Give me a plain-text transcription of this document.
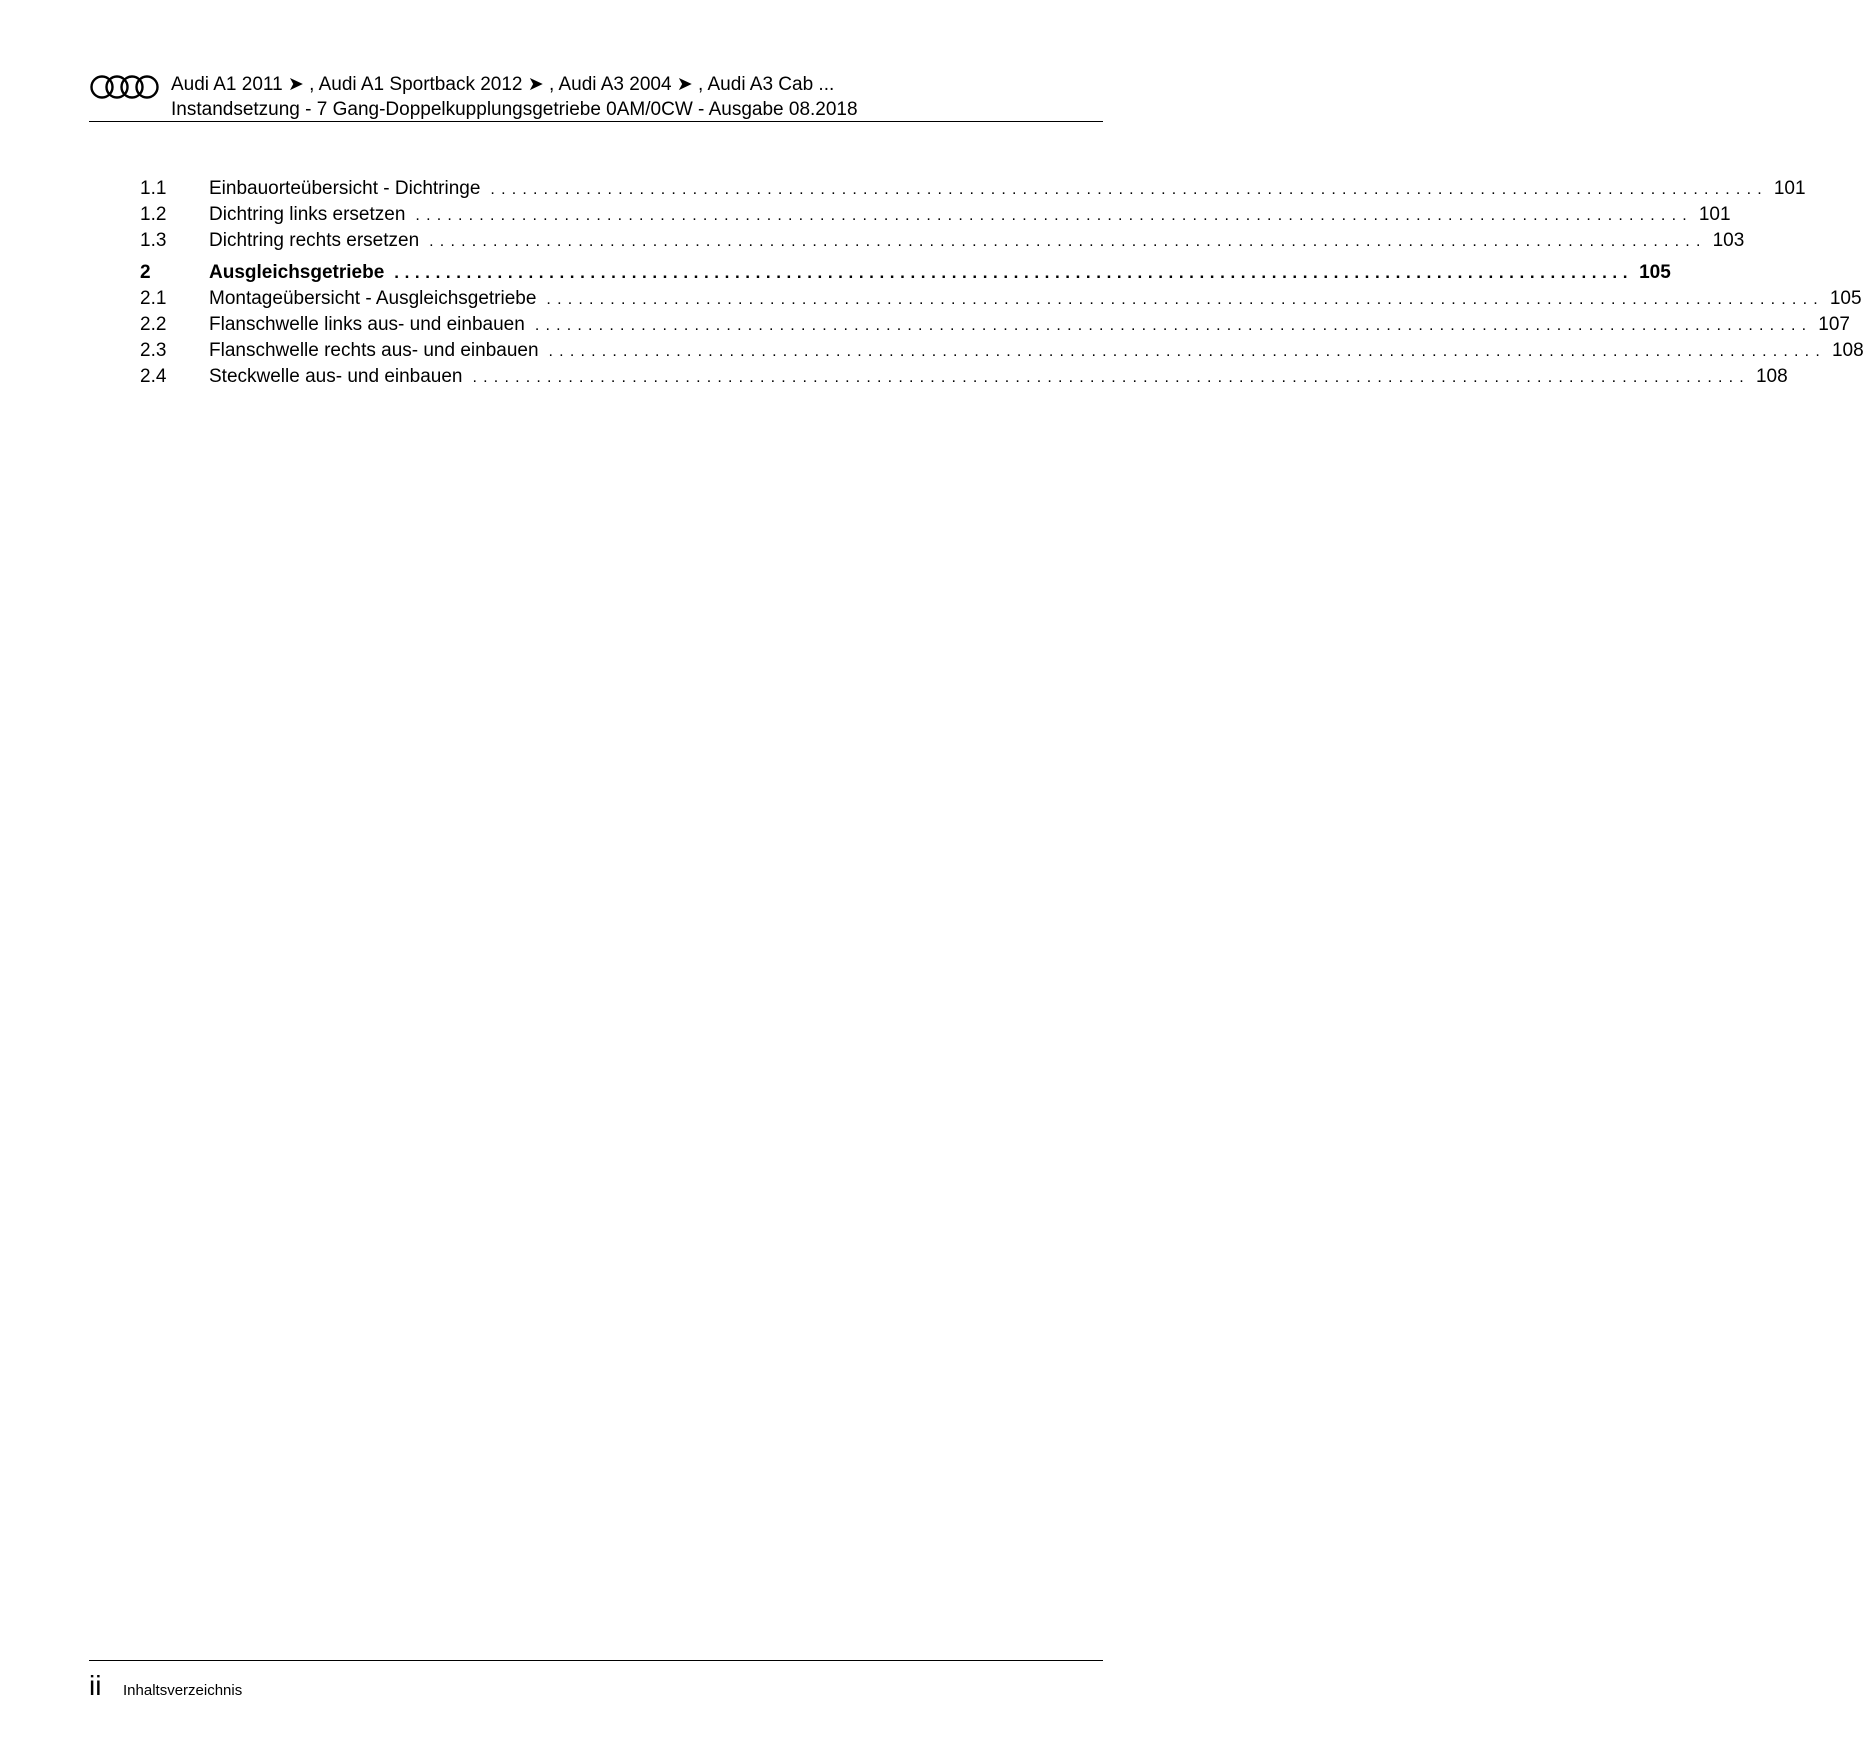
Audi A1 2011 ➤ , Audi A1 Sportback 2012 ➤ , Audi A3 2004 ➤ , Audi A3 Cab ...
Instandsetzung - 7 Gang-Doppelkupplungsgetriebe 0AM/0CW - Ausgabe 08.2018
1.1	Einbauorteübersicht - Dichtringe ........................................................................................................................ 101
1.2	Dichtring links ersetzen ........................................................................................................................ 101
1.3	Dichtring rechts ersetzen ........................................................................................................................ 103
2	Ausgleichsgetriebe ........................................................................................................................ 105
2.1	Montageübersicht - Ausgleichsgetriebe ........................................................................................................................ 105
2.2	Flanschwelle links aus- und einbauen ........................................................................................................................ 107
2.3	Flanschwelle rechts aus- und einbauen ........................................................................................................................ 108
2.4	Steckwelle aus- und einbauen ........................................................................................................................ 108
ii Inhaltsverzeichnis
